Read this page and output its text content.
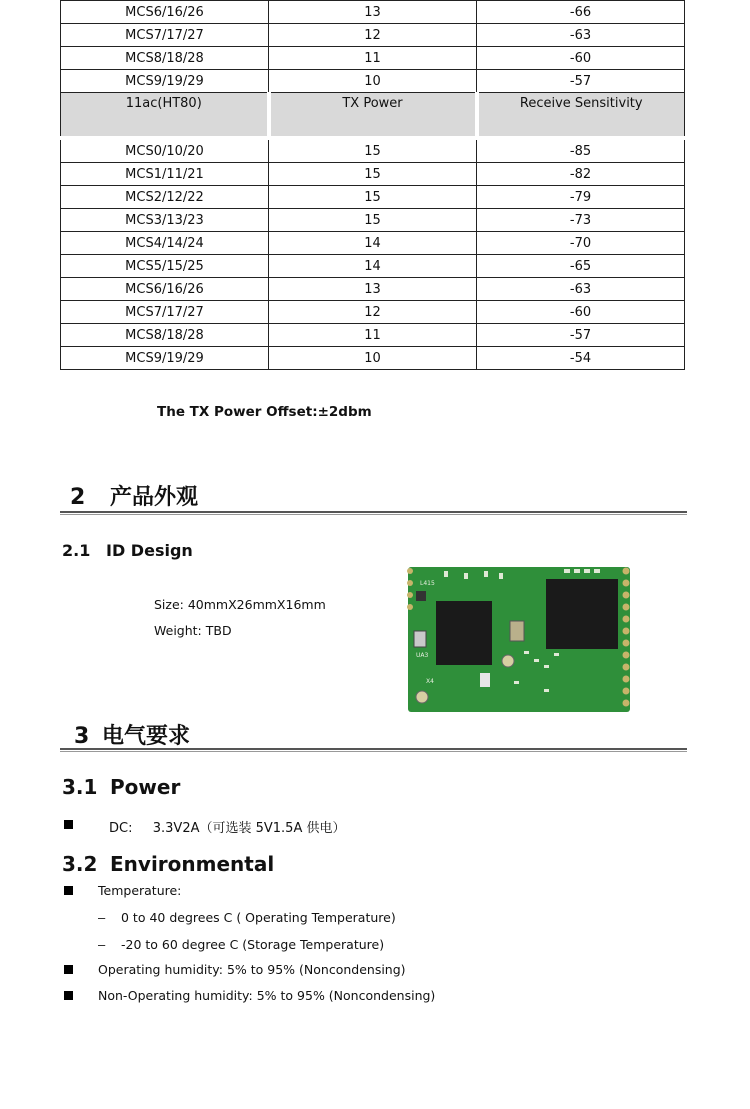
MCS6/16/26	13	-66
MCS7/17/27	12	-63
MCS8/18/28	11	-60
MCS9/19/29	10	-57
11ac(HT80)	TX Power	Receive Sensitivity
MCS0/10/20	15	-85
MCS1/11/21	15	-82
MCS2/12/22	15	-79
MCS3/13/23	15	-73
MCS4/14/24	14	-70
MCS5/15/25	14	-65
MCS6/16/26	13	-63
MCS7/17/27	12	-60
MCS8/18/28	11	-57
MCS9/19/29	10	-54
The TX Power Offset:±2dbm
2 产品外观
2.1 ID Design
Size: 40mmX26mmX16mm
Weight: TBD
L415
UA3
X4
3 电气要求
3.1 Power
DC: 3.3V2A（可选装 5V1.5A 供电）
3.2 Environmental
Temperature:
– 0 to 40 degrees C ( Operating Temperature)
– -20 to 60 degree C (Storage Temperature)
Operating humidity: 5% to 95% (Noncondensing)
Non-Operating humidity: 5% to 95% (Noncondensing)
